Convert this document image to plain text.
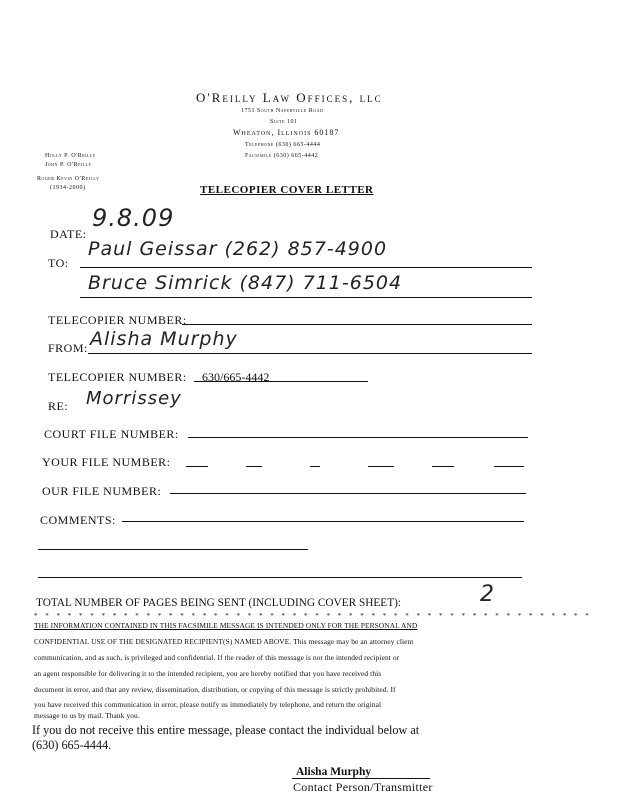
O'Reilly Law Offices, llc
1751 South Naperville Road
Suite 101
Wheaton, Illinois 60187
Telephone (630) 665-4444
Facsimile (630) 665-4442
Holly P. O'Reilly
John P. O'Reilly
Roger Kevin O'Reilly
(1934-2000)	TELECOPIER COVER LETTER
DATE:
9.8.09
TO:
Paul Geissar (262) 857-4900
Bruce Simrick (847) 711-6504
TELECOPIER NUMBER:
FROM: Alisha Murphy
TELECOPIER NUMBER: 630/665-4442
RE: Morrissey
COURT FILE NUMBER:
YOUR FILE NUMBER:
OUR FILE NUMBER:
COMMENTS:
TOTAL NUMBER OF PAGES BEING SENT (INCLUDING COVER SHEET):	2
* * * * * * * * * * * * * * * * * * * * * * * * * * * * * * * * * * * * * * * * * * * * * * * * * *
THE INFORMATION CONTAINED IN THIS FACSIMILE MESSAGE IS INTENDED ONLY FOR THE PERSONAL AND
CONFIDENTIAL USE OF THE DESIGNATED RECIPIENT(S) NAMED ABOVE. This message may be an attorney client
communication, and as such, is privileged and confidential. If the reader of this message is not the intended recipient or
an agent responsible for delivering it to the intended recipient, you are hereby notified that you have received this
document in error, and that any review, dissemination, distribution, or copying of this message is strictly prohibited. If
you have received this communication in error, please notify us immediately by telephone, and return the original
message to us by mail. Thank you.
If you do not receive this entire message, please contact the individual below at
(630) 665-4444.
Alisha Murphy
Contact Person/Transmitter
